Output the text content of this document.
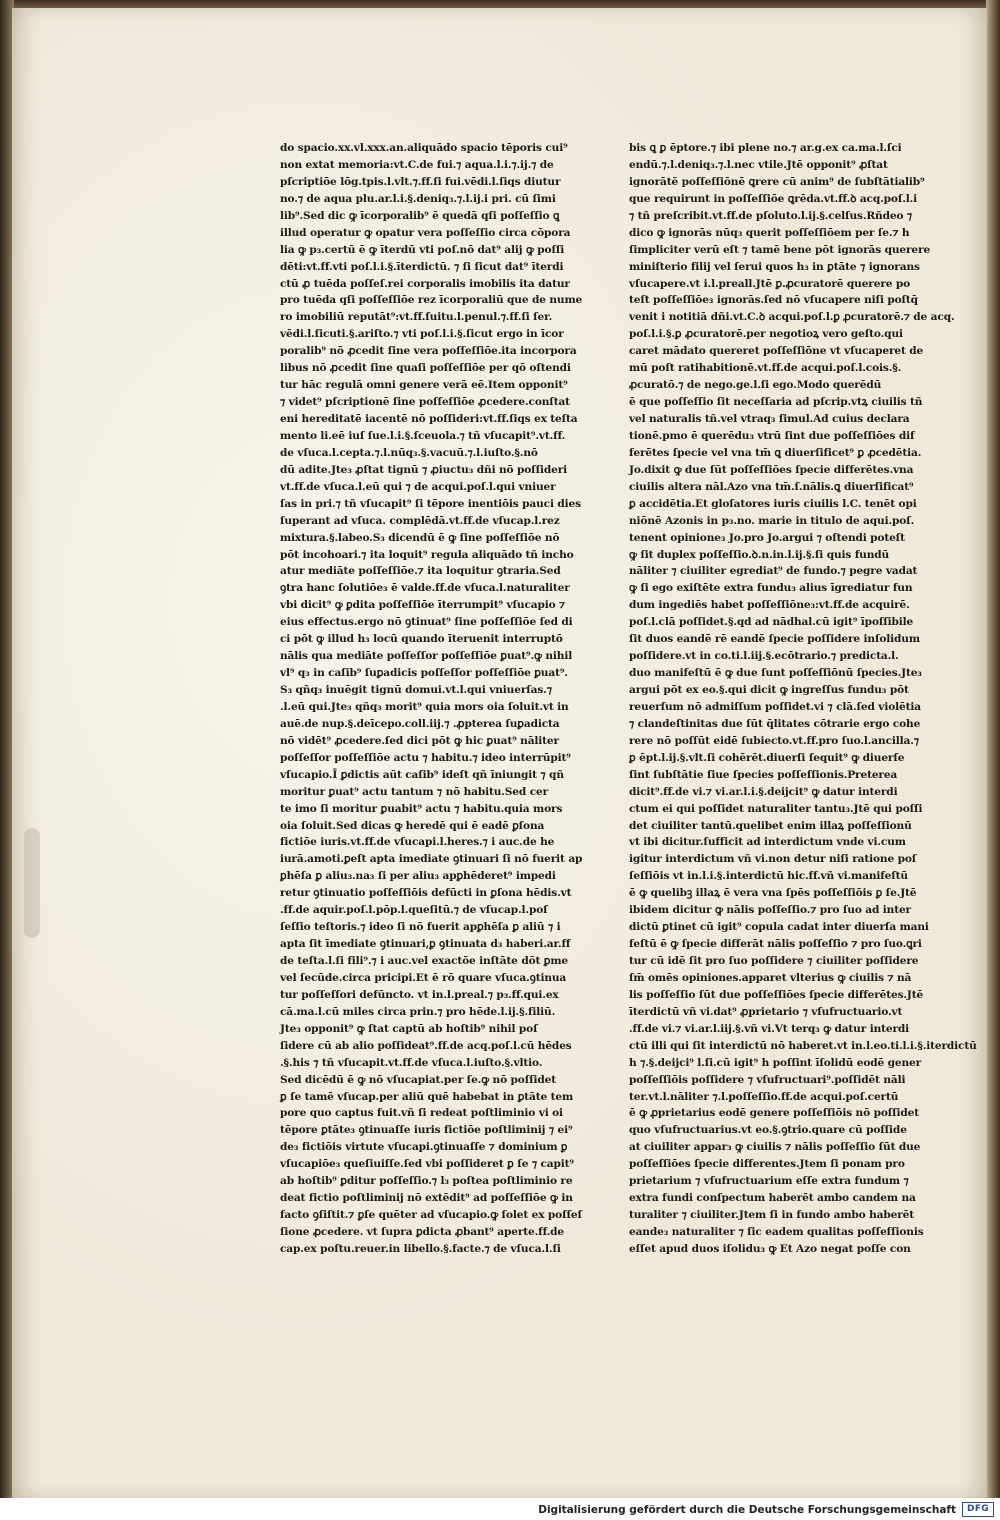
do spacio.xx.vl.xxx.an.aliquādo spacio tēporis cui⁹
non extat memoria:vt.C.de fui.⁊ aqua.l.i.⁊.ij.⁊ de
pſcriptiōe lōg.tpis.l.vlt.⁊.ff.ſi fui.vēdi.l.ſiqs diutur
no.⁊ de aqua plu.ar.l.i.§.deniq₃.⁊.l.ij.i pri. cū ſimi
lib⁹.Sed dic ꝙ īcorporalib⁹ ē quedā qſi poſſeſſio ꝗ
illud operatur ꝙ opatur vera poſſeſſio circa cōpora
lia ꝙ p₃.certū ē ꝙ īterdū vti poſ.nō dat⁹ alij ꝙ poſſi
dēti:vt.ff.vti poſ.l.i.§.īterdictū. ⁊ ſi ſicut dat⁹ īterdi
ctū ꝓ tuēda poſſeſ.rei corporalis imobilis ita datur
pro tuēda qſi poſſeſſiōe rez īcorporaliū que de nume
ro imobiliū reputāt⁹:vt.ff.ſuitu.l.penul.⁊.ff.ſi ſer.
vēdi.l.ſicuti.§.ariſto.⁊ vti poſ.l.i.§.ſicut ergo in īcor
poralib⁹ nō ꝓcedit ſine vera poſſeſſiōe.ita incorpora
libus nō ꝓcedit ſine quaſi poſſeſſiōe per qō oſtendi
tur hāc regulā omni genere verā eē.Item opponit⁹
⁊ videt⁹ pſcriptionē ſine poſſeſſiōe ꝓcedere.conſtat
eni hereditatē iacentē nō poſſideri:vt.ff.ſiqs ex teſta
mento li.eē iuſ ſue.l.i.§.ſceuola.⁊ tñ vſucapit⁹.vt.ff.
de vſuca.l.cepta.⁊.l.nūq₃.§.vacuū.⁊.l.iuſto.§.nō
dū adite.Jte₃ ꝓſtat tignū ⁊ ꝓiuctu₃ dñi nō poſſideri
vt.ff.de vſuca.l.eū qui ⁊ de acqui.poſ.l.qui vniuer
ſas in pri.⁊ tñ vſucapit⁹ ſi tēpore inentiōis pauci dies
ſuperant ad vſuca. complēdā.vt.ff.de vſucap.l.rez
mixtura.§.labeo.S₃ dicendū ē ꝙ ſine poſſeſſiōe nō
pōt incohoari.⁊ ita loquit⁹ regula aliquādo tñ incho
atur mediāte poſſeſſiōe.⁊ ita loquitur ꝯtraria.Sed
ꝯtra hanc ſolutiōe₃ ē valde.ff.de vſuca.l.naturaliter
vbi dicit⁹ ꝙ ꝑdita poſſeſſiōe īterrumpit⁹ vſucapio ⁊
eius effectus.ergo nō ꝯtinuat⁹ ſine poſſeſſiōe ſed di
ci pōt ꝙ illud h₃ locū quando īteruenit interruptō
nālis qua mediāte poſſeſſor poſſeſſiōe ꝑuat⁹.ꝙ nihil
vl⁹ q₃ in caſib⁹ ſuꝑadicis poſſeſſor poſſeſſiōe ꝑuat⁹.
S₃ qñq₃ inuēgit tignū domui.vt.l.qui vniuerſas.⁊
.l.eū qui.Jte₃ qñq₃ morit⁹ quia mors oia ſoluit.vt in
auē.de nup.§.deīcepo.coll.iij.⁊ .ꝓpterea ſuꝑadicta
nō vidēt⁹ ꝓcedere.ſed dici pōt ꝙ hic ꝑuat⁹ nāliter
poſſeſſor poſſeſſiōe actu ⁊ habitu.⁊ ideo interrūpit⁹
vſucapio.Ī ꝑdictis aūt caſib⁹ ideſt qñ īniungit ⁊ qñ
moritur ꝑuat⁹ actu tantum ⁊ nō habitu.Sed cer
te imo ſi moritur ꝑuabit⁹ actu ⁊ habitu.quia mors
oia ſoluit.Sed dicas ꝙ heredē qui ē eadē ꝑſona
fictiōe iuris.vt.ff.de vſucapi.l.heres.⁊ i auc.de he
iurā.amoti.ꝑeſt apta imediate ꝯtinuari ſi nō fuerit ap
ꝑhēſa ꝑ aliu₃.na₃ ſi per aliu₃ apꝑhēderet⁹ impedi
retur ꝯtinuatio poſſeſſiōis defūcti in ꝑſona hēdis.vt
.ff.de aquir.poſ.l.pōp.l.queſitū.⁊ de vſucap.l.poſ
ſeſſio teſtoris.⁊ ideo ſi nō fuerit apꝑhēſa ꝑ aliū ⁊ i
apta ſit īmediate ꝯtinuari,ꝑ ꝯtinuata d₃ haberi.ar.ff
de teſta.l.ſi fili⁹.⁊ i auc.vel exactōe inſtāte dōt ꝑme
vel ſecūde.circa pricipi.Et ē rō quare vſuca.ꝯtinua
tur poſſeſſori defūncto. vt in.l.preal.⁊ p₃.ff.qui.ex
cā.ma.l.cū miles circa prin.⁊ pro hēde.l.ij.§.filiū.
Jte₃ opponit⁹ ꝙ ſtat captū ab hoſtib⁹ nihil poſ
ſidere cū ab alio poſſideat⁹.ff.de acq.poſ.l.cū hēdes
.§.his ⁊ tñ vſucapit.vt.ff.de vſuca.l.iuſto.§.vltio.
Sed dicēdū ē ꝙ nō vſucapiat.per ſe.ꝙ nō poſſidet
ꝑ ſe tamē vſucap.per aliū quē habebat in ꝑtāte tem
pore quo captus fuit.vñ ſi redeat poſtliminio vi oi
tēpore ꝑtāte₃ ꝯtinuaſſe iuris fictiōe poſtliminij ⁊ ei⁹
de₃ fictiōis virtute vſucapi.ꝯtinuaſſe ⁊ dominium ꝑ
vſucapiōe₃ queſiuiſſe.ſed vbi poſſideret ꝑ ſe ⁊ capit⁹
ab hoſtib⁹ ꝑditur poſſeſſio.⁊ l₃ poſtea poſtliminio re
deat fictio poſtliminij nō extēdit⁹ ad poſſeſſiōe ꝙ in
facto ꝯſiſtit.⁊ ꝑſe quēter ad vſucapio.ꝙ ſolet ex poſſeſ
ſione ꝓcedere. vt ſupra ꝑdicta ꝓbant⁹ aperte.ff.de
cap.ex poſtu.reuer.in libello.§.facte.⁊ de vſuca.l.ſi
bis ꝗ ꝑ ēptore.⁊ ibi plene no.⁊ ar.g.ex ca.ma.l.ſci
endū.⁊.l.deniq₃.⁊.l.nec vtile.Jtē opponit⁹ ꝓſtat
ignorātē poſſeſſiōnē ꝗrere cū anim⁹ de ſubſtātialib⁹
que requirunt in poſſeſſiōe ꝗrēda.vt.ff.ꝺ acq.poſ.l.i
⁊ tñ preſcribit.vt.ff.de pſoluto.l.ij.§.celſus.Rñdeo ⁊
dico ꝙ ignorās nūq₃ querit poſſeſſiōem per ſe.⁊ h
ſimpliciter verū eſt ⁊ tamē bene pōt ignorās querere
miniſterio filij vel ſerui quos h₃ in ꝑtāte ⁊ ignorans
vſucapere.vt i.l.preall.Jtē ꝑ.ꝓcuratorē querere po
teſt poſſeſſiōe₃ ignorās.ſed nō vſucapere niſi poſtq̄
venit i notitiā dñi.vt.C.ꝺ acqui.poſ.l.ꝑ ꝓcuratorē.⁊ de acq.
poſ.l.i.§.ꝑ ꝓcuratorē.per negotioꝝ vero geſto.qui
caret mādato quereret poſſeſſiōne vt vſucaperet de
mū poſt ratihabitionē.vt.ff.de acqui.poſ.l.cois.§.
ꝓcuratō.⁊ de nego.ge.l.ſi ego.Modo querēdū
ē que poſſeſſio ſit neceſſaria ad pſcrip.vtꝝ ciuilis tñ
vel naturalis tñ.vel vtraq₃ ſimul.Ad cuius declara
tionē.pmo ē querēdu₃ vtrū ſint due poſſeſſiōes dif
ferētes ſpecie vel vna tm̄ ꝗ diuerſificet⁹ ꝑ ꝓcedētia.
Jo.dixit ꝙ due ſūt poſſeſſiōes ſpecie differētes.vna
ciuilis altera nāl.Azo vna tm̄.ſ.nālis.ꝗ diuerſificat⁹
ꝑ accidētia.Et gloſatores iuris ciuilis l.C. tenēt opi
niōnē Azonis in p₃.no. marie in titulo de aqui.poſ.
tenent opinione₃ Jo.pro Jo.argui ⁊ oſtendi poteſt
ꝙ ſit duplex poſſeſſio.ꝺ.n.in.l.ij.§.ſi quis fundū
nāliter ⁊ ciuiliter egrediat⁹ de fundo.⁊ pegre vadat
ꝙ ſi ego exiſtēte extra fundu₃ alius īgrediatur fun
dum ingediēs habet poſſeſſiōne₃:vt.ff.de acquirē.
poſ.l.clā poſſidet.§.qd ad nādhal.cū igit⁹ īpoſſibile
ſit duos eandē rē eandē ſpecie poſſidere inſolidum
poſſidere.vt in co.ti.l.iij.§.ecōtrario.⁊ predicta.l.
duo manifeſtū ē ꝙ due ſunt poſſeſſiōnū ſpecies.Jte₃
argui pōt ex eo.§.qui dicit ꝙ ingreſſus fundu₃ pōt
reuerſum nō admiſſum poſſidet.vi ⁊ clā.ſed violētia
⁊ clandeſtinitas due ſūt q̄litates cōtrarie ergo cohe
rere nō poſſūt eidē ſubiecto.vt.ff.pro ſuo.l.ancilla.⁊
ꝑ ēpt.l.ij.§.vlt.ſi cohērēt.diuerſi ſequit⁹ ꝙ diuerſe
ſint ſubſtātie ſiue ſpecies poſſeſſionis.Preterea
dicit⁹.ff.de vi.⁊ vi.ar.l.i.§.deijcit⁹ ꝙ datur interdi
ctum ei qui poſſidet naturaliter tantu₃.Jtē qui poſſi
det ciuiliter tantū.quelibet enim illaꝝ poſſeſſionū
vt ibi dicitur.ſufficit ad interdictum vnde vi.cum
igitur interdictum vñ vi.non detur niſi ratione poſ
ſeſſiōis vt in.l.i.§.interdictū hic.ff.vñ vi.manifeſtū
ē ꝙ quelibꝫ illaꝝ ē vera vna ſpēs poſſeſſiōis ꝑ ſe.Jtē
ibidem dicitur ꝙ nālis poſſeſſio.⁊ pro ſuo ad inter
dictū ꝑtinet cū igit⁹ copula cadat inter diuerſa mani
feſtū ē ꝙ ſpecie differāt nālis poſſeſſio ⁊ pro ſuo.ꝗri
tur cū idē ſit pro ſuo poſſidere ⁊ ciuiliter poſſidere
ſm̄ omēs opiniones.apparet vlterius ꝙ ciuilis ⁊ nā
lis poſſeſſio ſūt due poſſeſſiōes ſpecie differētes.Jtē
īterdictū vñ vi.dat⁹ ꝓprietario ⁊ vſufructuario.vt
.ff.de vi.⁊ vi.ar.l.iij.§.vñ vi.Vt terq₃ ꝙ datur interdi
ctū illi qui ſit interdictū nō haberet.vt in.l.eo.ti.l.i.§.iterdictū
h ⁊.§.deijci⁹ l.ſi.cū igit⁹ h poſſint īſolidū eodē gener
poſſeſſiōis poſſidere ⁊ vſufructuari⁹.poſſidēt nāli
ter.vt.l.nāliter ⁊.l.poſſeſſio.ff.de acqui.poſ.certū
ē ꝙ ꝓprietarius eodē genere poſſeſſiōis nō poſſidet
quo vſufructuarius.vt eo.§.ꝯtrio.quare cū poſſide
at ciuiliter appar₃ ꝙ ciuilis ⁊ nālis poſſeſſio ſūt due
poſſeſſiōes ſpecie differentes.Jtem ſi ponam pro
prietarium ⁊ vſufructuarium eſſe extra fundum ⁊
extra fundi conſpectum haberēt ambo candem na
turaliter ⁊ ciuiliter.Jtem ſi in fundo ambo haberēt
eande₃ naturaliter ⁊ ſic eadem qualitas poſſeſſionis
eſſet apud duos iſolidu₃ ꝙ Et Azo negat poſſe con
Digitalisierung gefördert durch die Deutsche Forschungsgemeinschaft	DFG
